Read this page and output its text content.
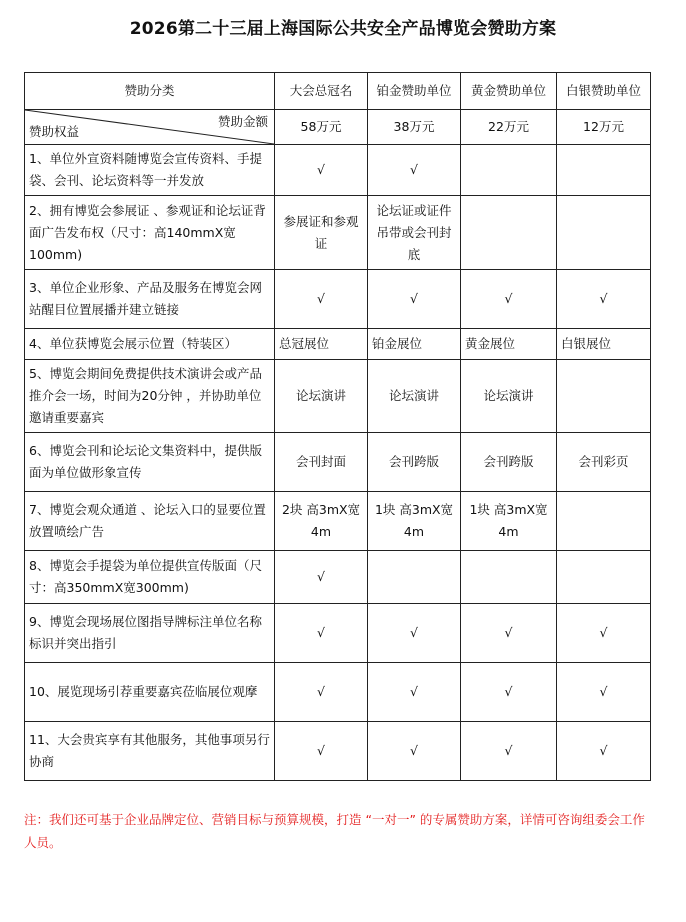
2026第二十三届上海国际公共安全产品博览会赞助方案
赞助分类	大会总冠名	铂金赞助单位	黄金赞助单位	白银赞助单位

赞助权益
赞助金额	58万元	38万元	22万元	12万元
1、单位外宣资料随博览会宣传资料、手提袋、会刊、论坛资料等一并发放	√	√		
2、拥有博览会参展证 、参观证和论坛证背面广告发布权（尺寸：高140mmX宽100mm)	参展证和参观证	论坛证或证件吊带或会刊封底		
3、单位企业形象、产品及服务在博览会网站醒目位置展播并建立链接	√	√	√	√
4、单位获博览会展示位置（特装区）	总冠展位	铂金展位	黄金展位	白银展位
5、博览会期间免费提供技术演讲会或产品推介会一场，时间为20分钟 ，并协助单位邀请重要嘉宾	论坛演讲	论坛演讲	论坛演讲	
6、博览会刊和论坛论文集资料中，提供版面为单位做形象宣传	会刊封面	会刊跨版	会刊跨版	会刊彩页
7、博览会观众通道 、论坛入口的显要位置放置喷绘广告	2块 高3mX宽4m	1块 高3mX宽4m	1块 高3mX宽4m	
8、博览会手提袋为单位提供宣传版面（尺寸：高350mmX宽300mm)	√			
9、博览会现场展位图指导牌标注单位名称标识并突出指引	√	√	√	√
10、展览现场引荐重要嘉宾莅临展位观摩	√	√	√	√
11、大会贵宾享有其他服务，其他事项另行协商	√	√	√	√
注：我们还可基于企业品牌定位、营销目标与预算规模，打造 “一对一” 的专属赞助方案，详情可咨询组委会工作人员。
